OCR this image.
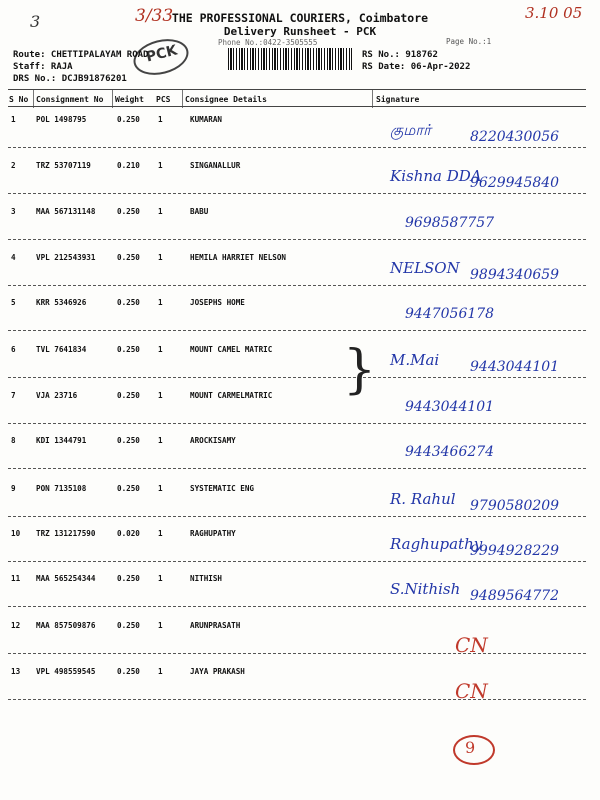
THE PROFESSIONAL COURIERS, Coimbatore
Delivery Runsheet - PCK
Phone No.:0422-3505555	Page No.:1
3	3/33	3.10 05
PCK
Route: CHETTIPALAYAM ROAD
Staff: RAJA
DRS No.: DCJB91876201
RS No.: 918762
RS Date: 06-Apr-2022
S No Consignment No Weight PCS Consignee Details	Signature
1	POL 1498795	0.250 1	KUMARAN
குமார்	8220430056
2	TRZ 53707119	0.210 1	SINGANALLUR
Kishna DDA
9629945840
3	MAA 567131148	0.250 1	BABU
9698587757
4	VPL 212543931	0.250 1	HEMILA HARRIET NELSON
NELSON 9894340659
5	KRR 5346926	0.250 1	JOSEPHS HOME
9447056178
6	TVL 7641834	0.250 1	MOUNT CAMEL MATRIC
M.Mai 9443044101
7	VJA 23716	0.250 1	MOUNT CARMELMATRIC
9443044101
8	KDI 1344791	0.250 1	AROCKISAMY
9443466274
9	PON 7135108	0.250 1	SYSTEMATIC ENG
R. Rahul 9790580209
10 TRZ 131217590	0.020 1	RAGHUPATHY
Raghupathy
9994928229
11 MAA 565254344	0.250 1	NITHISH
S.Nithish 9489564772
12 MAA 857509876	0.250 1	ARUNPRASATH
CN
13 VPL 498559545	0.250 1	JAYA PRAKASH
CN
}
9
